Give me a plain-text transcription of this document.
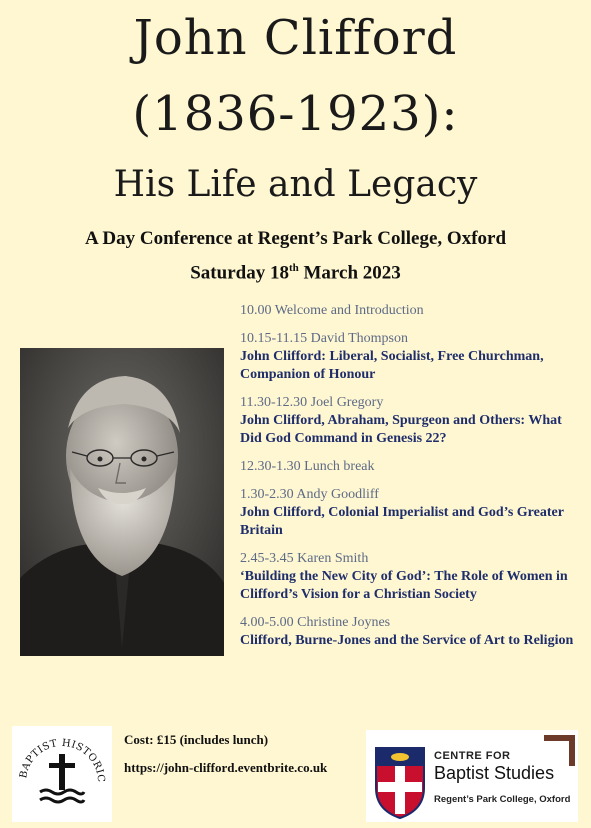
John Clifford
(1836-1923):
His Life and Legacy

A Day Conference at Regent’s Park College, Oxford

Saturday 18th March 2023

10.00 Welcome and Introduction

10.15-11.15 David Thompson

John Clifford: Liberal, Socialist, Free Churchman, Companion of Honour

11.30-12.30 Joel Gregory

John Clifford, Abraham, Spurgeon and Others: What Did God Command in Genesis 22?

12.30-1.30 Lunch break

1.30-2.30 Andy Goodliff

John Clifford, Colonial Imperialist and God’s Greater Britain

2.45-3.45 Karen Smith

‘Building the New City of God’: The Role of Women in Clifford’s Vision for a Christian Society

4.00-5.00 Christine Joynes

Clifford, Burne-Jones and the Service of Art to Religion

BAPTIST HISTORIC

Cost: £15 (includes lunch)

https://john-clifford.eventbrite.co.uk

CENTRE FOR
Baptist Studies
Regent’s Park College, Oxford
